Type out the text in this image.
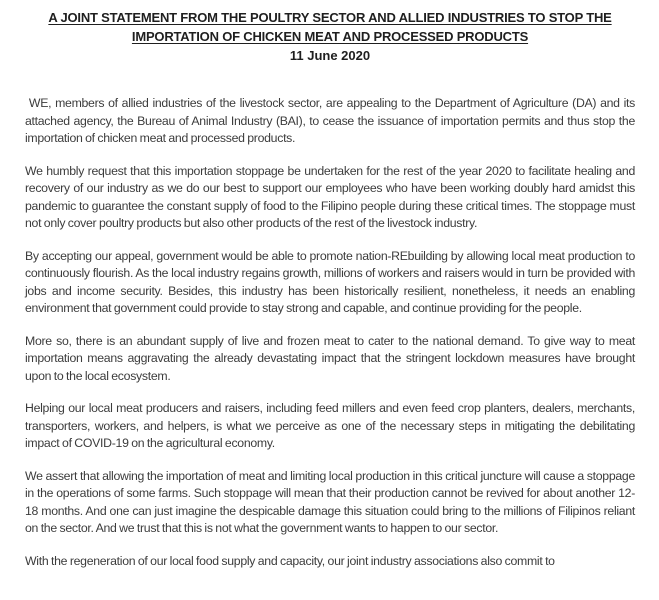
A JOINT STATEMENT FROM THE POULTRY SECTOR AND ALLIED INDUSTRIES TO STOP THE IMPORTATION OF CHICKEN MEAT AND PROCESSED PRODUCTS
11 June 2020

WE, members of allied industries of the livestock sector, are appealing to the Department of Agriculture (DA) and its attached agency, the Bureau of Animal Industry (BAI), to cease the issuance of importation permits and thus stop the importation of chicken meat and processed products.

We humbly request that this importation stoppage be undertaken for the rest of the year 2020 to facilitate healing and recovery of our industry as we do our best to support our employees who have been working doubly hard amidst this pandemic to guarantee the constant supply of food to the Filipino people during these critical times. The stoppage must not only cover poultry products but also other products of the rest of the livestock industry.

By accepting our appeal, government would be able to promote nation-REbuilding by allowing local meat production to continuously flourish. As the local industry regains growth, millions of workers and raisers would in turn be provided with jobs and income security. Besides, this industry has been historically resilient, nonetheless, it needs an enabling environment that government could provide to stay strong and capable, and continue providing for the people.

More so, there is an abundant supply of live and frozen meat to cater to the national demand. To give way to meat importation means aggravating the already devastating impact that the stringent lockdown measures have brought upon to the local ecosystem.

Helping our local meat producers and raisers, including feed millers and even feed crop planters, dealers, merchants, transporters, workers, and helpers, is what we perceive as one of the necessary steps in mitigating the debilitating impact of COVID-19 on the agricultural economy.

We assert that allowing the importation of meat and limiting local production in this critical juncture will cause a stoppage in the operations of some farms. Such stoppage will mean that their production cannot be revived for about another 12-18 months. And one can just imagine the despicable damage this situation could bring to the millions of Filipinos reliant on the sector. And we trust that this is not what the government wants to happen to our sector.

With the regeneration of our local food supply and capacity, our joint industry associations also commit to
